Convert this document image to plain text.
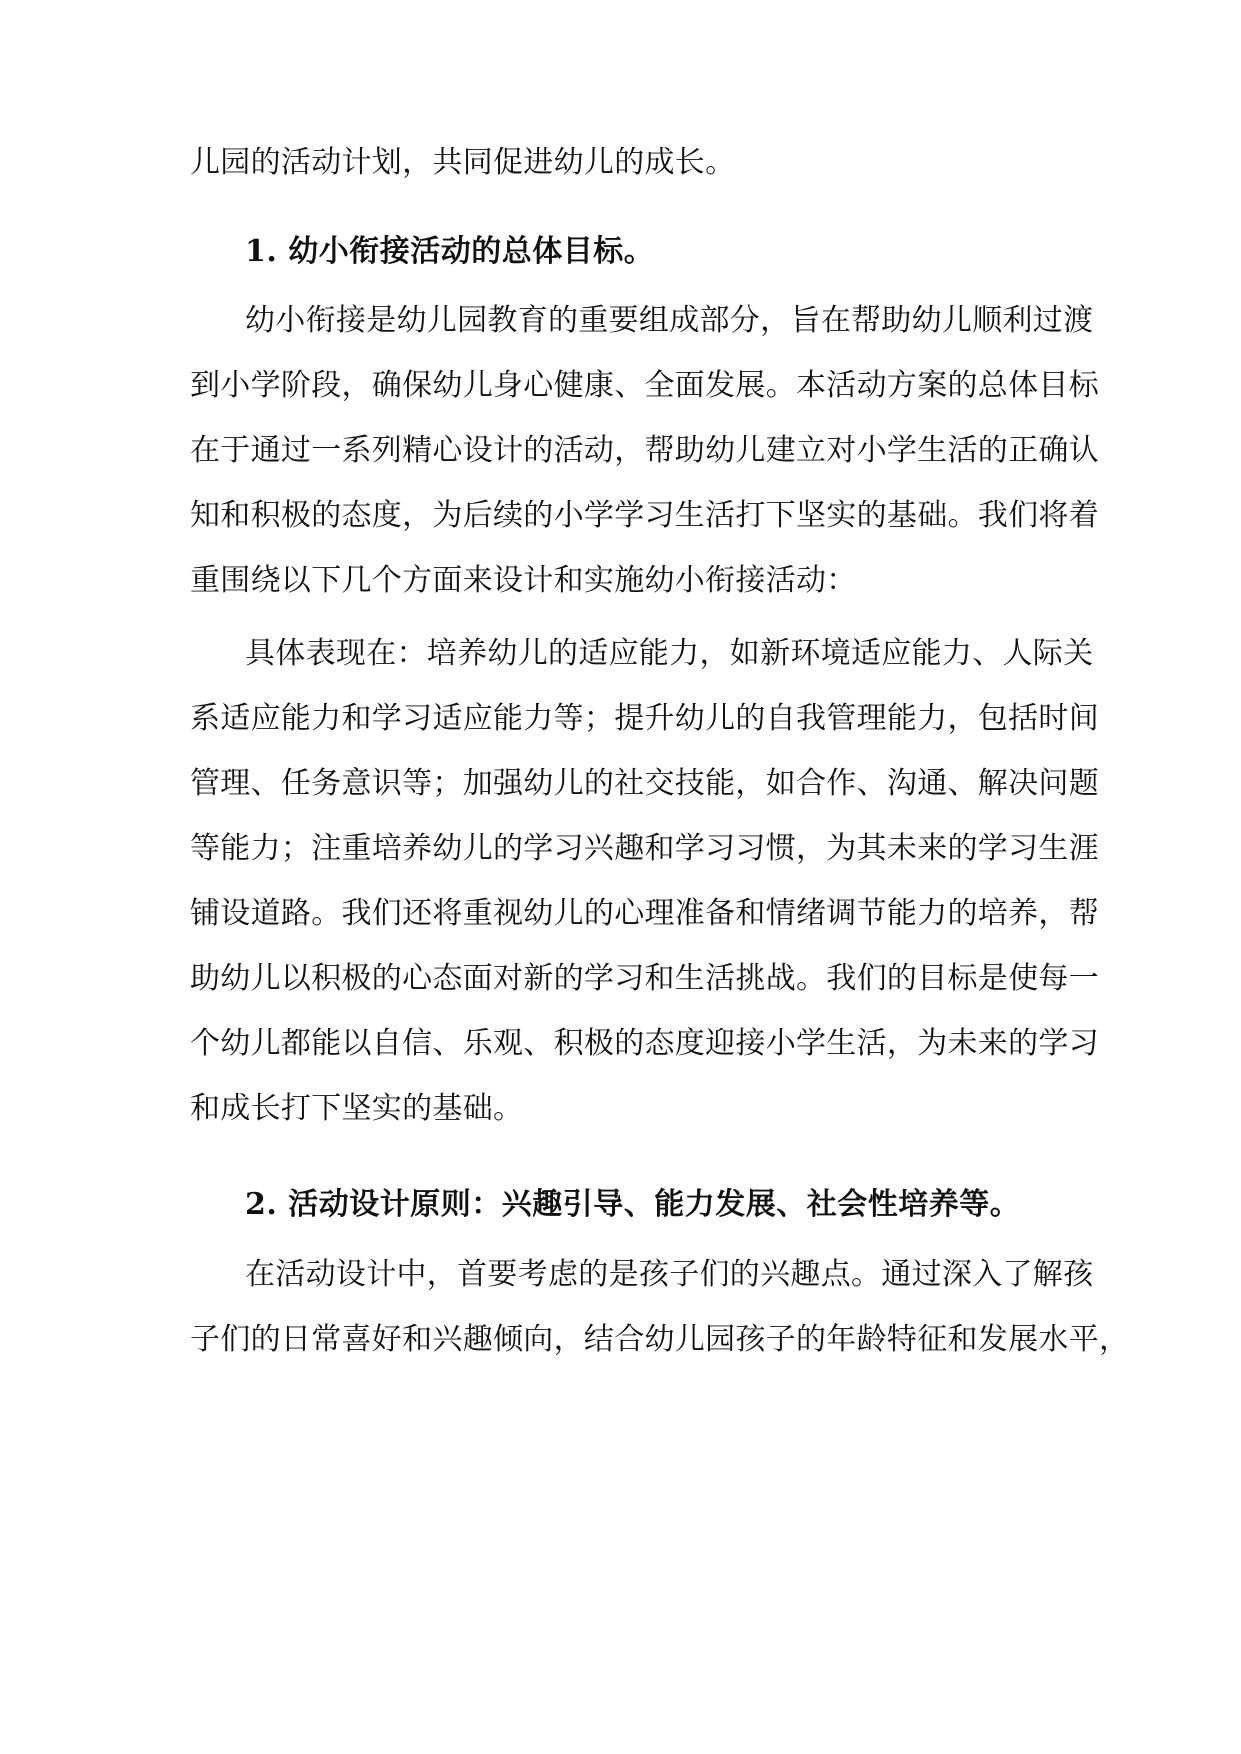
儿园的活动计划，共同促进幼儿的成长。
1. 幼小衔接活动的总体目标。
幼小衔接是幼儿园教育的重要组成部分，旨在帮助幼儿顺利过渡
到小学阶段，确保幼儿身心健康、全面发展。本活动方案的总体目标
在于通过一系列精心设计的活动，帮助幼儿建立对小学生活的正确认
知和积极的态度，为后续的小学学习生活打下坚实的基础。我们将着
重围绕以下几个方面来设计和实施幼小衔接活动：
具体表现在：培养幼儿的适应能力，如新环境适应能力、人际关
系适应能力和学习适应能力等；提升幼儿的自我管理能力，包括时间
管理、任务意识等；加强幼儿的社交技能，如合作、沟通、解决问题
等能力；注重培养幼儿的学习兴趣和学习习惯，为其未来的学习生涯
铺设道路。我们还将重视幼儿的心理准备和情绪调节能力的培养，帮
助幼儿以积极的心态面对新的学习和生活挑战。我们的目标是使每一
个幼儿都能以自信、乐观、积极的态度迎接小学生活，为未来的学习
和成长打下坚实的基础。
2. 活动设计原则：兴趣引导、能力发展、社会性培养等。
在活动设计中，首要考虑的是孩子们的兴趣点。通过深入了解孩
子们的日常喜好和兴趣倾向，结合幼儿园孩子的年龄特征和发展水平，
